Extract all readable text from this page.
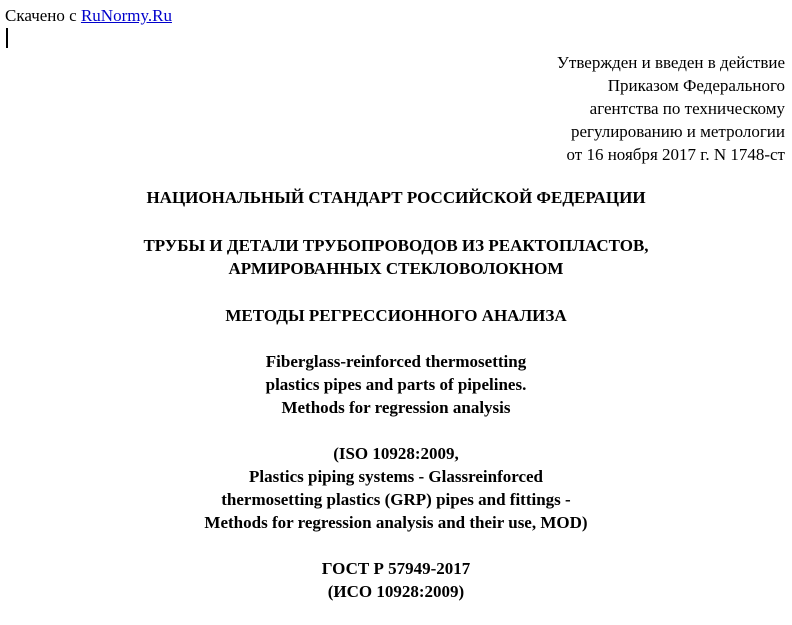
Скачено с RuNormy.Ru
Утвержден и введен в действие
Приказом Федерального
агентства по техническому
регулированию и метрологии
от 16 ноября 2017 г. N 1748-ст
НАЦИОНАЛЬНЫЙ СТАНДАРТ РОССИЙСКОЙ ФЕДЕРАЦИИ
ТРУБЫ И ДЕТАЛИ ТРУБОПРОВОДОВ ИЗ РЕАКТОПЛАСТОВ,
АРМИРОВАННЫХ СТЕКЛОВОЛОКНОМ
МЕТОДЫ РЕГРЕССИОННОГО АНАЛИЗА
Fiberglass-reinforced thermosetting
plastics pipes and parts of pipelines.
Methods for regression analysis
(ISO 10928:2009,
Plastics piping systems - Glassreinforced
thermosetting plastics (GRP) pipes and fittings -
Methods for regression analysis and their use, MOD)
ГОСТ Р 57949-2017
(ИСО 10928:2009)
